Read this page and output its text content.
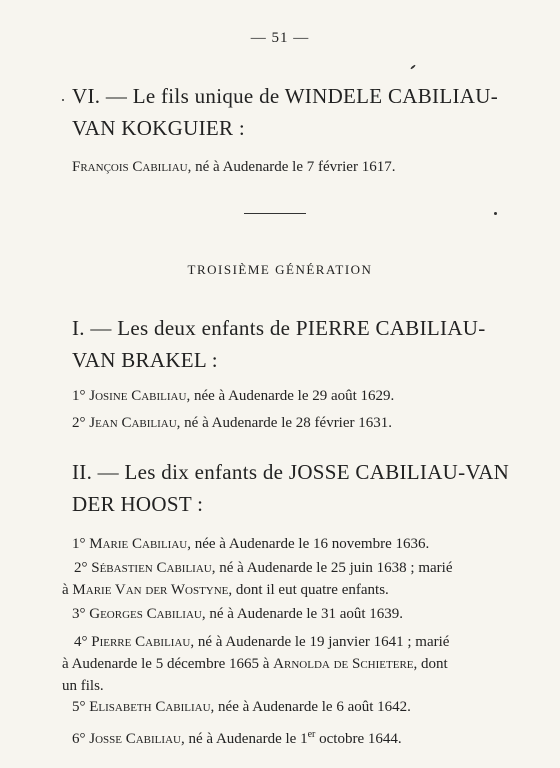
— 51 —
VI. — Le fils unique de WINDELE CABILIAU-
VAN KOKGUIER :
François Cabiliau, né à Audenarde le 7 février 1617.
TROISIÈME GÉNÉRATION
I. — Les deux enfants de PIERRE CABILIAU-
VAN BRAKEL :
1° Josine Cabiliau, née à Audenarde le 29 août 1629.
2° Jean Cabiliau, né à Audenarde le 28 février 1631.
II. — Les dix enfants de JOSSE CABILIAU-VAN
DER HOOST :
1° Marie Cabiliau, née à Audenarde le 16 novembre 1636.
2° Sébastien Cabiliau, né à Audenarde le 25 juin 1638 ; marié
à Marie Van der Wostyne, dont il eut quatre enfants.
3° Georges Cabiliau, né à Audenarde le 31 août 1639.
4° Pierre Cabiliau, né à Audenarde le 19 janvier 1641 ; marié
à Audenarde le 5 décembre 1665 à Arnolda de Schietere, dont
un fils.
5° Elisabeth Cabiliau, née à Audenarde le 6 août 1642.
6° Josse Cabiliau, né à Audenarde le 1er octobre 1644.
